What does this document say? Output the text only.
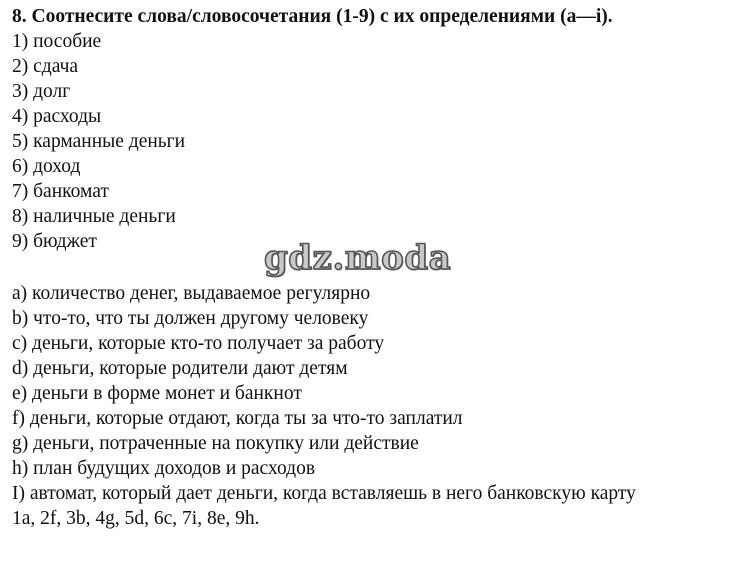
8. Соотнесите слова/словосочетания (1-9) с их определениями (a—i).
1) пособие
2) сдача
3) долг
4) расходы
5) карманные деньги
6) доход
7) банкомат
8) наличные деньги
9) бюджет
a) количество денег, выдаваемое регулярно
b) что-то, что ты должен другому человеку
c) деньги, которые кто-то получает за работу
d) деньги, которые родители дают детям
e) деньги в форме монет и банкнот
f) деньги, которые отдают, когда ты за что-то заплатил
g) деньги, потраченные на покупку или действие
h) план будущих доходов и расходов
I) автомат, который дает деньги, когда вставляешь в него банковскую карту
1a, 2f, 3b, 4g, 5d, 6c, 7i, 8e, 9h.
gdz.moda
